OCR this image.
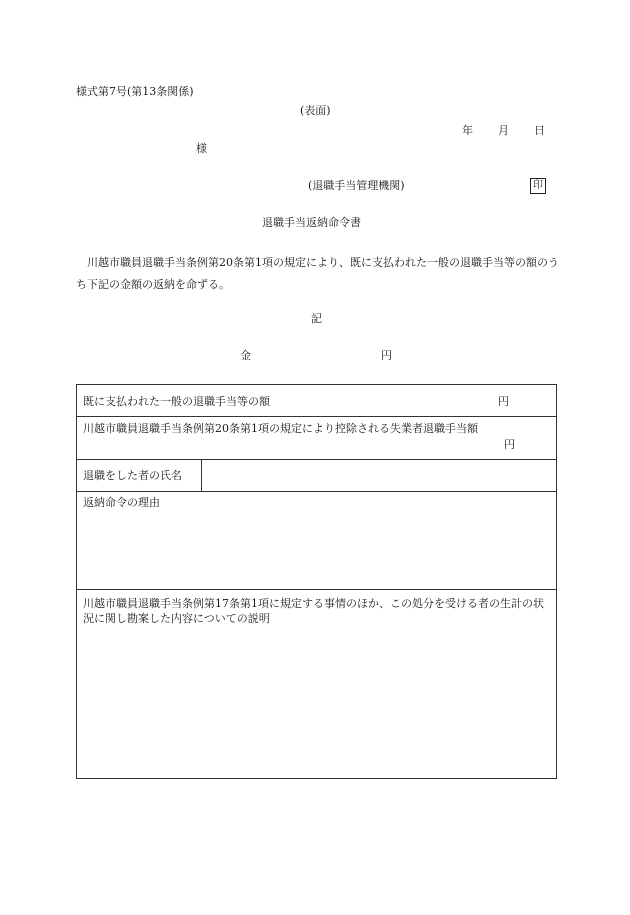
様式第7号(第13条関係)
(表面)
年 月 日
様
(退職手当管理機関)	印
退職手当返納命令書
川越市職員退職手当条例第20条第1項の規定により、既に支払われた一般の退職手当等の額のうち下記の金額の返納を命ずる。
記
金	円
既に支払われた一般の退職手当等の額	円
川越市職員退職手当条例第20条第1項の規定により控除される失業者退職手当額
円
退職をした者の氏名
返納命令の理由
川越市職員退職手当条例第17条第1項に規定する事情のほか、この処分を受ける者の生計の状況に関し勘案した内容についての説明
